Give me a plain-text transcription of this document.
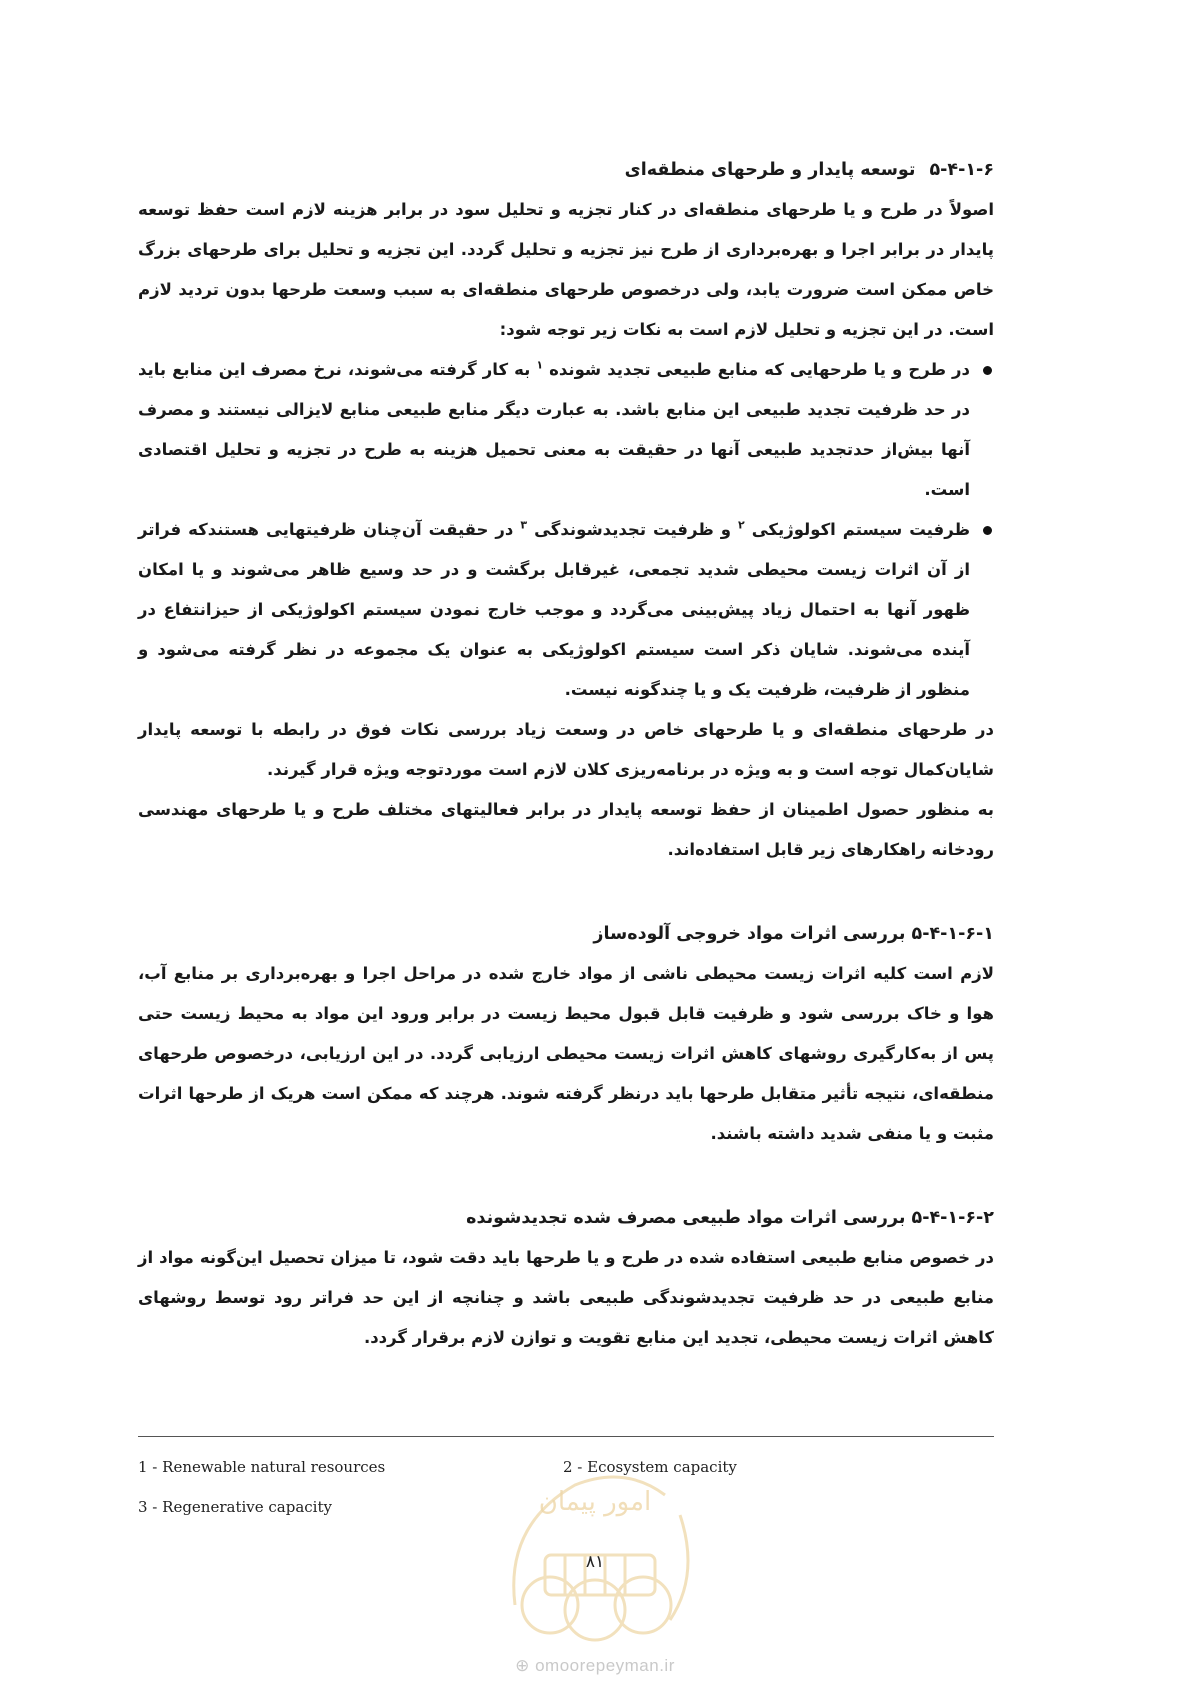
۵-۴-۱-۶توسعه پایدار و طرحهای منطقه‌ای

اصولاً در طرح و یا طرحهای منطقه‌ای در کنار تجزیه و تحلیل سود در برابر هزینه لازم است حفظ توسعه پایدار در برابر اجرا و بهره‌برداری از طرح نیز تجزیه و تحلیل گردد. این تجزیه و تحلیل برای طرحهای بزرگ خاص ممکن است ضرورت یابد، ولی درخصوص طرحهای منطقه‌ای به سبب وسعت طرحها بدون تردید لازم است. در این تجزیه و تحلیل لازم است به نکات زیر توجه شود:

در طرح و یا طرحهایی که منابع طبیعی تجدید شونده $^۱$ به کار گرفته می‌شوند، نرخ مصرف این منابع باید در حد ظرفیت تجدید طبیعی این منابع باشد. به عبارت دیگر منابع طبیعی منابع لایزالی نیستند و مصرف آنها بیش‌از حدتجدید طبیعی آنها در حقیقت به معنی تحمیل هزینه به طرح در تجزیه و تحلیل اقتصادی است.
ظرفیت سیستم اکولوژیکی $^۲$ و ظرفیت تجدیدشوندگی $^۳$ در حقیقت آن‌چنان ظرفیتهایی هستندکه فراتر از آن اثرات زیست محیطی شدید تجمعی، غیرقابل برگشت و در حد وسیع ظاهر می‌شوند و یا امکان ظهور آنها به احتمال زیاد پیش‌بینی می‌گردد و موجب خارج نمودن سیستم اکولوژیکی از حیزانتفاع در آینده می‌شوند. شایان ذکر است سیستم اکولوژیکی به عنوان یک مجموعه در نظر گرفته می‌شود و منظور از ظرفیت، ظرفیت یک و یا چندگونه نیست.

در طرحهای منطقه‌ای و یا طرحهای خاص در وسعت زیاد بررسی نکات فوق در رابطه با توسعه پایدار شایان‌کمال توجه است و به ویژه در برنامه‌ریزی کلان لازم است موردتوجه ویژه قرار گیرند.

به منظور حصول اطمینان از حفظ توسعه پایدار در برابر فعالیتهای مختلف طرح و یا طرحهای مهندسی رودخانه راهکارهای زیر قابل استفاده‌اند.

۵-۴-۱-۶-۱ بررسی اثرات مواد خروجی آلوده‌ساز

لازم است کلیه اثرات زیست محیطی ناشی از مواد خارج شده در مراحل اجرا و بهره‌برداری بر منابع آب، هوا و خاک بررسی شود و ظرفیت قابل قبول محیط زیست در برابر ورود این مواد به محیط زیست حتی پس از به‌کارگیری روشهای کاهش اثرات زیست محیطی ارزیابی گردد. در این ارزیابی، درخصوص طرحهای منطقه‌ای، نتیجه تأثیر متقابل طرحها باید درنظر گرفته شوند. هرچند که ممکن است هریک از طرحها اثرات مثبت و یا منفی شدید داشته باشند.

۵-۴-۱-۶-۲ بررسی اثرات مواد طبیعی مصرف شده تجدیدشونده

در خصوص منابع طبیعی استفاده شده در طرح و یا طرحها باید دقت شود، تا میزان تحصیل این‌گونه مواد از منابع طبیعی در حد ظرفیت تجدیدشوندگی طبیعی باشد و چنانچه از این حد فراتر رود توسط روشهای کاهش اثرات زیست محیطی، تجدید این منابع تقویت و توازن لازم برقرار گردد.

امور پیمان
1 - Renewable natural resources	2 - Ecosystem capacity
3 - Regenerative capacity
۸۱
⊕ omoorepeyman.ir
